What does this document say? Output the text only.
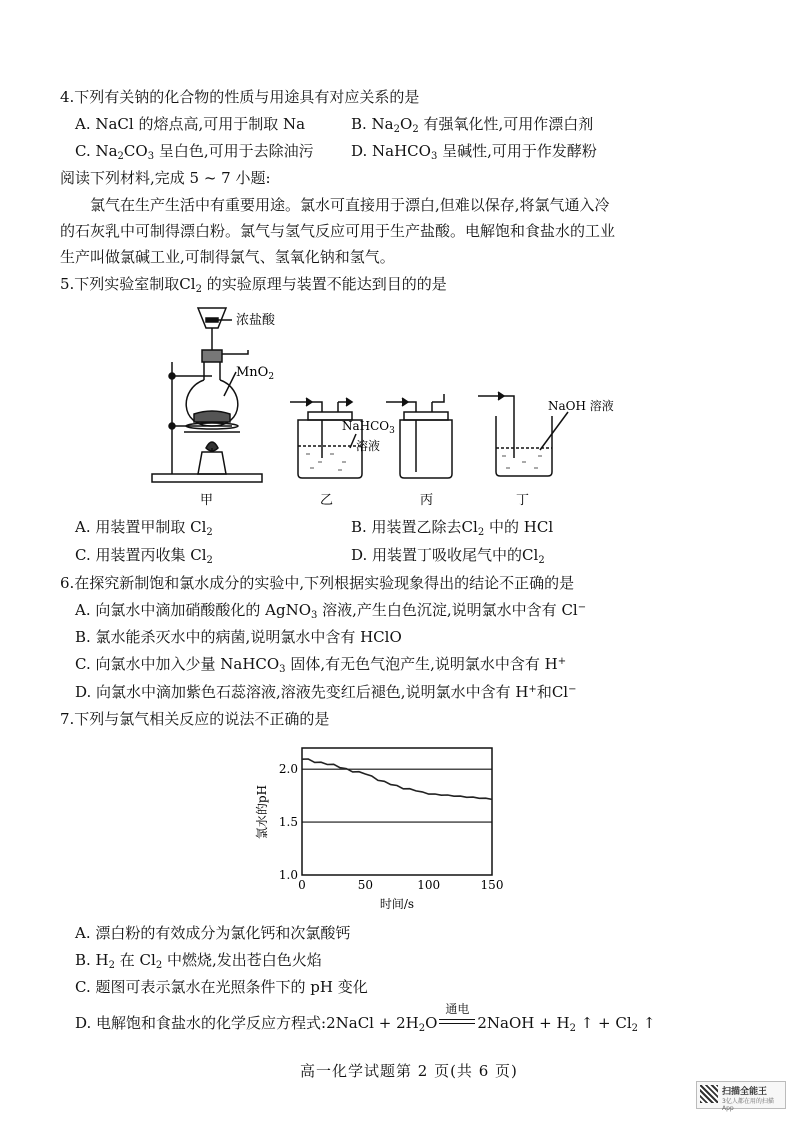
4.下列有关钠的化合物的性质与用途具有对应关系的是
A. NaCl 的熔点高,可用于制取 Na	B. $Na_2O_2$ 有强氧化性,可用作漂白剂
C. $Na_2CO_3$ 呈白色,可用于去除油污 D. NaHCO$_3$ 呈碱性,可用于作发酵粉
阅读下列材料,完成 5 ~ 7 小题:
氯气在生产生活中有重要用途。氯水可直接用于漂白,但难以保存,将氯气通入冷
的石灰乳中可制得漂白粉。氯气与氢气反应可用于生产盐酸。电解饱和食盐水的工业
生产叫做氯碱工业,可制得氯气、氢氧化钠和氢气。
5.下列实验室制取$Cl_2$ 的实验原理与装置不能达到目的的是
浓盐酸
MnO$_2$
NaHCO$_3$
溶液
NaOH 溶液
甲	乙	丙	丁
A. 用装置甲制取 $Cl_2$	B. 用装置乙除去$Cl_2$ 中的 HCl
C. 用装置丙收集 $Cl_2$	D. 用装置丁吸收尾气中的$Cl_2$
6.在探究新制饱和氯水成分的实验中,下列根据实验现象得出的结论不正确的是
A. 向氯水中滴加硝酸酸化的 AgNO$_3$ 溶液,产生白色沉淀,说明氯水中含有 Cl−
B. 氯水能杀灭水中的病菌,说明氯水中含有 HClO
C. 向氯水中加入少量 NaHCO$_3$ 固体,有无色气泡产生,说明氯水中含有 H+
D. 向氯水中滴加紫色石蕊溶液,溶液先变红后褪色,说明氯水中含有 H+和Cl−
7.下列与氯气相关反应的说法不正确的是
1.0
1.5
2.0
0	50	100	150
氯水的pH
时间/s
A. 漂白粉的有效成分为氯化钙和次氯酸钙
B. $H_2$ 在 $Cl_2$ 中燃烧,发出苍白色火焰
C. 题图可表示氯水在光照条件下的 pH 变化
D. 电解饱和食盐水的化学反应方程式:2NaCl + $2H_2O$
通电
2NaOH + $H_2$ ↑ + $Cl_2$ ↑
高一化学试题第 2 页(共 6 页)
扫描全能王
3亿人都在用的扫描App
